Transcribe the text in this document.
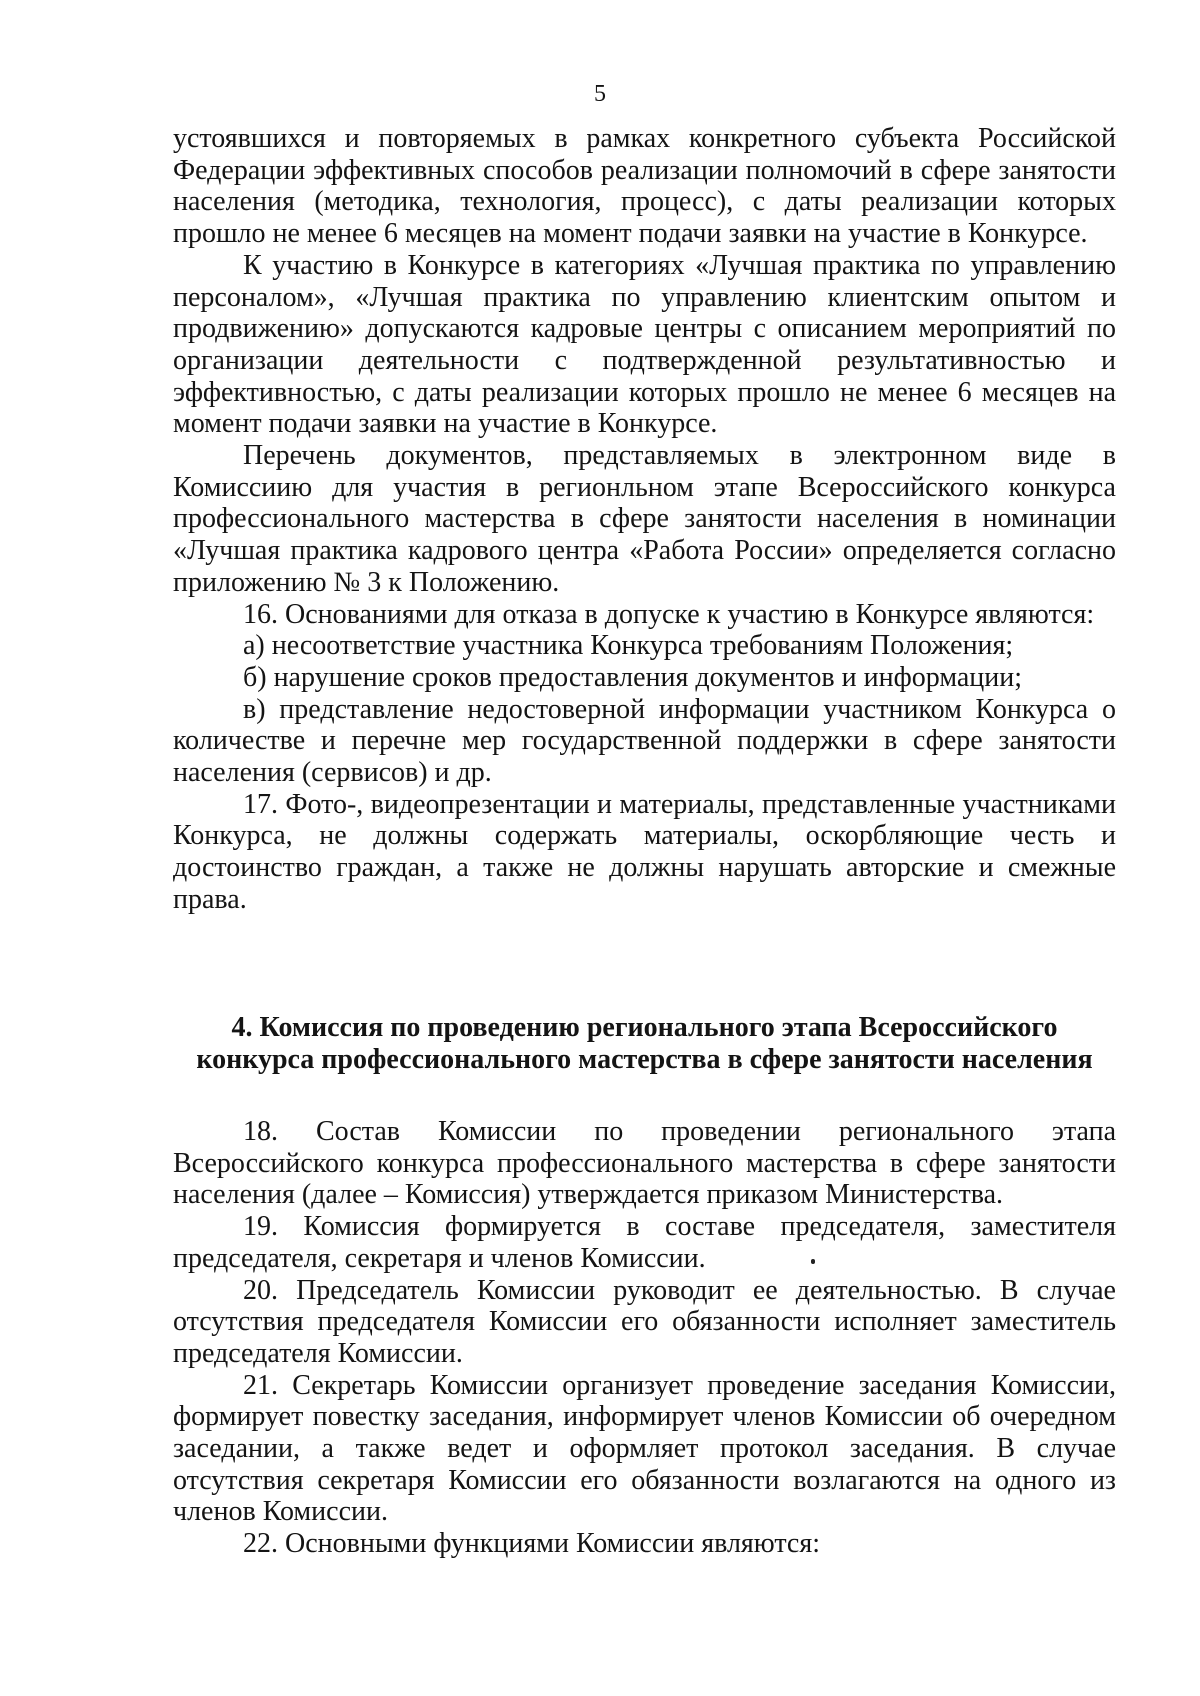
5

устоявшихся и повторяемых в рамках конкретного субъекта Российской Федерации эффективных способов реализации полномочий в сфере занятости населения (методика, технология, процесс), с даты реализации которых прошло не менее 6 месяцев на момент подачи заявки на участие в Конкурсе.

К участию в Конкурсе в категориях «Лучшая практика по управлению персоналом», «Лучшая практика по управлению клиентским опытом и продвижению» допускаются кадровые центры с описанием мероприятий по организации деятельности с подтвержденной результативностью и эффективностью, с даты реализации которых прошло не менее 6 месяцев на момент подачи заявки на участие в Конкурсе.

Перечень документов, представляемых в электронном виде в Комиссиию для участия в регионльном этапе Всероссийского конкурса профессионального мастерства в сфере занятости населения в номинации «Лучшая практика кадрового центра «Работа России» определяется согласно приложению № 3 к Положению.

16. Основаниями для отказа в допуске к участию в Конкурсе являются:

а) несоответствие участника Конкурса требованиям Положения;

б) нарушение сроков предоставления документов и информации;

в) представление недостоверной информации участником Конкурса о количестве и перечне мер государственной поддержки в сфере занятости населения (сервисов) и др.

17. Фото-, видеопрезентации и материалы, представленные участниками Конкурса, не должны содержать материалы, оскорбляющие честь и достоинство граждан, а также не должны нарушать авторские и смежные права.

4. Комиссия по проведению регионального этапа Всероссийского
конкурса профессионального мастерства в сфере занятости населения

18. Состав Комиссии по проведении регионального этапа Всероссийского конкурса профессионального мастерства в сфере занятости населения (далее – Комиссия) утверждается приказом Министерства.

19. Комиссия формируется в составе председателя, заместителя председателя, секретаря и членов Комиссии.

20. Председатель Комиссии руководит ее деятельностью. В случае отсутствия председателя Комиссии его обязанности исполняет заместитель председателя Комиссии.

21. Секретарь Комиссии организует проведение заседания Комиссии, формирует повестку заседания, информирует членов Комиссии об очередном заседании, а также ведет и оформляет протокол заседания. В случае отсутствия секретаря Комиссии его обязанности возлагаются на одного из членов Комиссии.

22. Основными функциями Комиссии являются:
